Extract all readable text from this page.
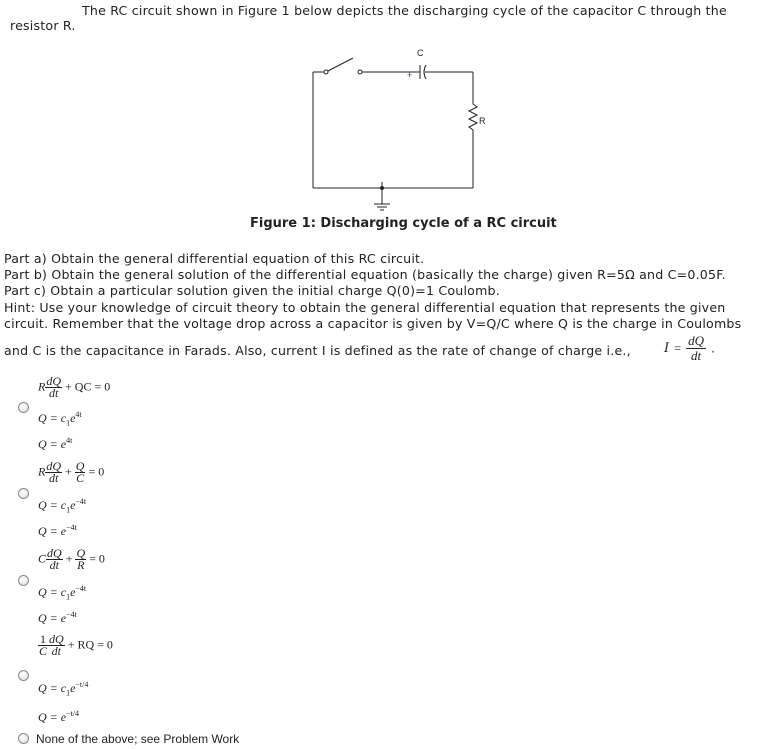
The RC circuit shown in Figure 1 below depicts the discharging cycle of the capacitor C through the
resistor R.
C
+
R
Figure 1: Discharging cycle of a RC circuit
Part a) Obtain the general differential equation of this RC circuit.
Part b) Obtain the general solution of the differential equation (basically the charge) given R=5Ω and C=0.05F.
Part c) Obtain a particular solution given the initial charge Q(0)=1 Coulomb.
Hint: Use your knowledge of circuit theory to obtain the general differential equation that represents the given
circuit. Remember that the voltage drop across a capacitor is given by V=Q/C where Q is the charge in Coulombs
and C is the capacitance in Farads. Also, current I is defined as the rate of change of charge i.e.,	$I = \frac{dQ}{dt}$ .
R $\frac{dQ}{dt}$ + QC = 0
$Q = c_1e^{4t}$
$Q = e^{4t}$
R $\frac{dQ}{dt} + \frac{Q}{C} = 0$
$Q = c_1e^{-4t}$
$Q = e^{-4t}$
C $\frac{dQ}{dt} + \frac{Q}{R} = 0$
$Q = c_1e^{-4t}$
$Q = e^{-4t}$
$\frac{1}{C} \frac{dQ}{dt}$ + RQ = 0
$Q = c_1e^{-t/4}$
$Q = e^{-t/4}$
None of the above; see Problem Work
